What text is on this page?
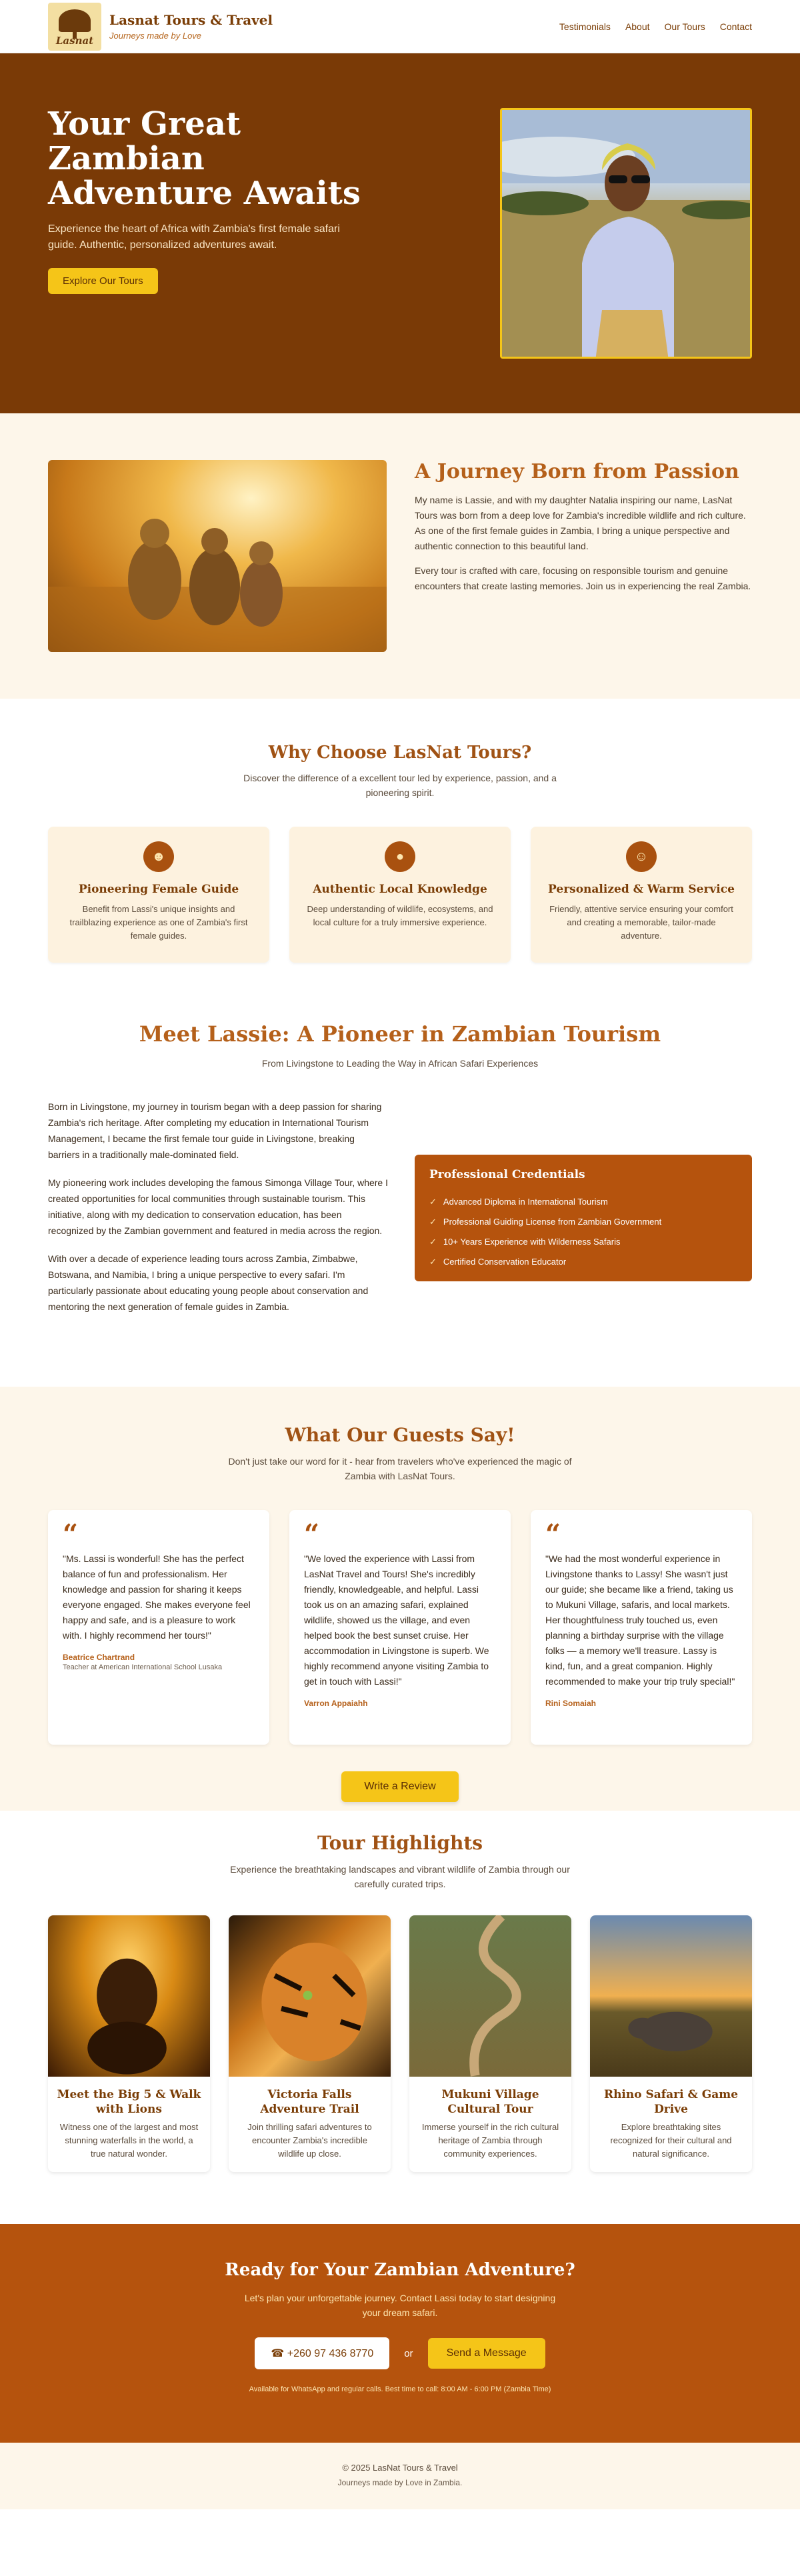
Lasnat
Lasnat Tours & Travel
Journeys made by Love
Testimonials About Our Tours Contact
Your Great Zambian Adventure Awaits

Experience the heart of Africa with Zambia's first female safari guide. Authentic, personalized adventures await.

Explore Our Tours
A Journey Born from Passion

My name is Lassie, and with my daughter Natalia inspiring our name, LasNat Tours was born from a deep love for Zambia's incredible wildlife and rich culture. As one of the first female guides in Zambia, I bring a unique perspective and authentic connection to this beautiful land.

Every tour is crafted with care, focusing on responsible tourism and genuine encounters that create lasting memories. Join us in experiencing the real Zambia.

Why Choose LasNat Tours?

Discover the difference of a excellent tour led by experience, passion, and a pioneering spirit.

☻
Pioneering Female Guide

Benefit from Lassi's unique insights and trailblazing experience as one of Zambia's first female guides.

●
Authentic Local Knowledge

Deep understanding of wildlife, ecosystems, and local culture for a truly immersive experience.

☺
Personalized & Warm Service

Friendly, attentive service ensuring your comfort and creating a memorable, tailor-made adventure.

Meet Lassie: A Pioneer in Zambian Tourism

From Livingstone to Leading the Way in African Safari Experiences

Born in Livingstone, my journey in tourism began with a deep passion for sharing Zambia's rich heritage. After completing my education in International Tourism Management, I became the first female tour guide in Livingstone, breaking barriers in a traditionally male-dominated field.

My pioneering work includes developing the famous Simonga Village Tour, where I created opportunities for local communities through sustainable tourism. This initiative, along with my dedication to conservation education, has been recognized by the Zambian government and featured in media across the region.

With over a decade of experience leading tours across Zambia, Zimbabwe, Botswana, and Namibia, I bring a unique perspective to every safari. I'm particularly passionate about educating young people about conservation and mentoring the next generation of female guides in Zambia.

Professional Credentials
✓ Advanced Diploma in International Tourism
✓ Professional Guiding License from Zambian Government
✓ 10+ Years Experience with Wilderness Safaris
✓ Certified Conservation Educator
What Our Guests Say!

Don't just take our word for it - hear from travelers who've experienced the magic of Zambia with LasNat Tours.

“

"Ms. Lassi is wonderful! She has the perfect balance of fun and professionalism. Her knowledge and passion for sharing it keeps everyone engaged. She makes everyone feel happy and safe, and is a pleasure to work with. I highly recommend her tours!"

Beatrice Chartrand
Teacher at American International School Lusaka
“

"We loved the experience with Lassi from LasNat Travel and Tours! She's incredibly friendly, knowledgeable, and helpful. Lassi took us on an amazing safari, explained wildlife, showed us the village, and even helped book the best sunset cruise. Her accommodation in Livingstone is superb. We highly recommend anyone visiting Zambia to get in touch with Lassi!"

Varron Appaiahh
“

"We had the most wonderful experience in Livingstone thanks to Lassy! She wasn't just our guide; she became like a friend, taking us to Mukuni Village, safaris, and local markets. Her thoughtfulness truly touched us, even planning a birthday surprise with the village folks — a memory we'll treasure. Lassy is kind, fun, and a great companion. Highly recommended to make your trip truly special!"

Rini Somaiah
Write a Review
Tour Highlights

Experience the breathtaking landscapes and vibrant wildlife of Zambia through our carefully curated trips.

Meet the Big 5 & Walk with Lions

Witness one of the largest and most stunning waterfalls in the world, a true natural wonder.

Victoria Falls Adventure Trail

Join thrilling safari adventures to encounter Zambia's incredible wildlife up close.

Mukuni Village Cultural Tour

Immerse yourself in the rich cultural heritage of Zambia through community experiences.

Rhino Safari & Game Drive

Explore breathtaking sites recognized for their cultural and natural significance.

Ready for Your Zambian Adventure?

Let's plan your unforgettable journey. Contact Lassi today to start designing your dream safari.

☎ +260 97 436 8770	or	Send a Message
Available for WhatsApp and regular calls. Best time to call: 8:00 AM - 6:00 PM (Zambia Time)
© 2025 LasNat Tours & Travel
Journeys made by Love in Zambia.
